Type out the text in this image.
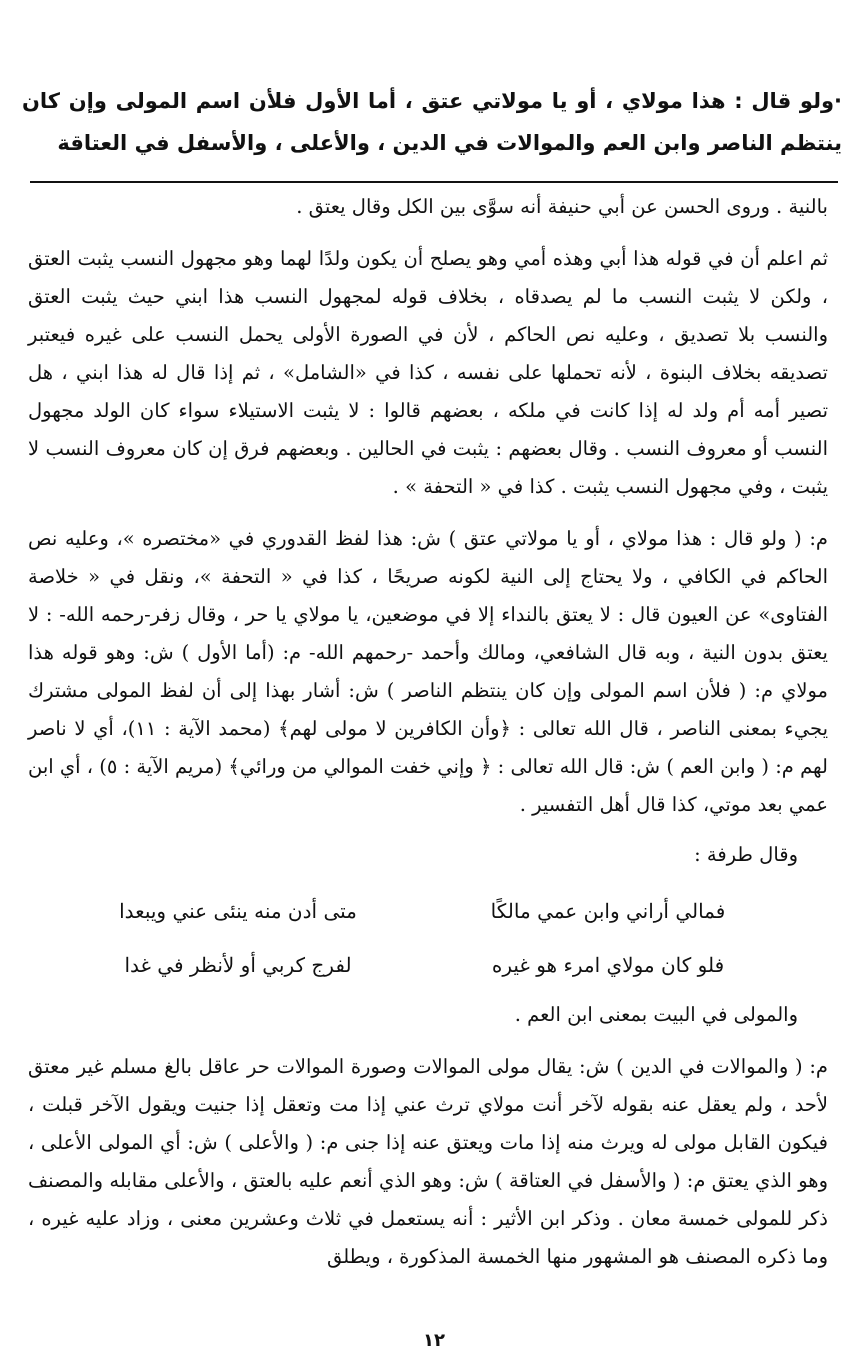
·ولو قال : هذا مولاي ، أو يا مولاتي عتق ، أما الأول فلأن اسم المولى وإن كان ينتظم الناصر وابن العم والموالات في الدين ، والأعلى ، والأسفل في العتاقة

بالنية . وروى الحسن عن أبي حنيفة أنه سوَّى بين الكل وقال يعتق .

ثم اعلم أن في قوله هذا أبي وهذه أمي وهو يصلح أن يكون ولدًا لهما وهو مجهول النسب يثبت العتق ، ولكن لا يثبت النسب ما لم يصدقاه ، بخلاف قوله لمجهول النسب هذا ابني حيث يثبت العتق والنسب بلا تصديق ، وعليه نص الحاكم ، لأن في الصورة الأولى يحمل النسب على غيره فيعتبر تصديقه بخلاف البنوة ، لأنه تحملها على نفسه ، كذا في «الشامل» ، ثم إذا قال له هذا ابني ، هل تصير أمه أم ولد له إذا كانت في ملكه ، بعضهم قالوا : لا يثبت الاستيلاء سواء كان الولد مجهول النسب أو معروف النسب . وقال بعضهم : يثبت في الحالين . وبعضهم فرق إن كان معروف النسب لا يثبت ، وفي مجهول النسب يثبت . كذا في « التحفة » .

م: ( ولو قال : هذا مولاي ، أو يا مولاتي عتق ) ش: هذا لفظ القدوري في «مختصره »، وعليه نص الحاكم في الكافي ، ولا يحتاج إلى النية لكونه صريحًا ، كذا في « التحفة »، ونقل في « خلاصة الفتاوى» عن العيون قال : لا يعتق بالنداء إلا في موضعين، يا مولاي يا حر ، وقال زفر-رحمه الله- : لا يعتق بدون النية ، وبه قال الشافعي، ومالك وأحمد -رحمهم الله- م: (أما الأول ) ش: وهو قوله هذا مولاي م: ( فلأن اسم المولى وإن كان ينتظم الناصر ) ش: أشار بهذا إلى أن لفظ المولى مشترك يجيء بمعنى الناصر ، قال الله تعالى : ﴿وأن الكافرين لا مولى لهم﴾ (محمد الآية : ١١)، أي لا ناصر لهم م: ( وابن العم ) ش: قال الله تعالى : ﴿ وإني خفت الموالي من ورائي﴾ (مريم الآية : ٥) ، أي ابن عمي بعد موتي، كذا قال أهل التفسير .

وقال طرفة :

فمالي أراني وابن عمي مالكًا
متى أدن منه ينئى عني ويبعدا
فلو كان مولاي امرء هو غيره
لفرج كربي أو لأنظر في غدا

والمولى في البيت بمعنى ابن العم .

م: ( والموالات في الدين ) ش: يقال مولى الموالات وصورة الموالات حر عاقل بالغ مسلم غير معتق لأحد ، ولم يعقل عنه بقوله لآخر أنت مولاي ترث عني إذا مت وتعقل إذا جنيت ويقول الآخر قبلت ، فيكون القابل مولى له ويرث منه إذا مات ويعتق عنه إذا جنى م: ( والأعلى ) ش: أي المولى الأعلى ، وهو الذي يعتق م: ( والأسفل في العتاقة ) ش: وهو الذي أنعم عليه بالعتق ، والأعلى مقابله والمصنف ذكر للمولى خمسة معان . وذكر ابن الأثير : أنه يستعمل في ثلاث وعشرين معنى ، وزاد عليه غيره ، وما ذكره المصنف هو المشهور منها الخمسة المذكورة ، ويطلق

١٢
